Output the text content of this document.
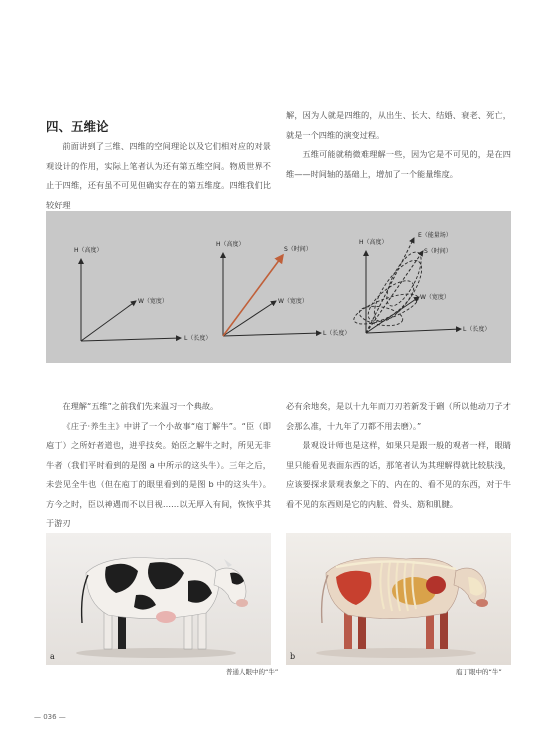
四、五维论

前面讲到了三维、四维的空间理论以及它们相对应的对景观设计的作用，实际上笔者认为还有第五维空间。物质世界不止于四维，还有虽不可见但确实存在的第五维度。四维我们比较好理

解，因为人就是四维的，从出生、长大、结婚、衰老、死亡，就是一个四维的演变过程。

五维可能就稍微难理解一些，因为它是不可见的，是在四维——时间轴的基础上，增加了一个能量维度。

H（高度）
W（宽度）
L（长度）
H（高度）
S（时间）
W（宽度）
L（长度）
H（高度）
E（能量场）
S（时间）
W（宽度）
L（长度）

在理解“五维”之前我们先来温习一个典故。

《庄子·养生主》中讲了一个小故事“庖丁解牛”。“臣（即庖丁）之所好者道也，进乎技矣。始臣之解牛之时，所见无非牛者（我们平时看到的是图 a 中所示的这头牛）。三年之后，未尝见全牛也（但在庖丁的眼里看到的是图 b 中的这头牛）。方今之时，臣以神遇而不以目视……以无厚入有间，恢恢乎其于游刃

必有余地矣，是以十九年而刀刃若新发于硎（所以他动刀子才会那么准，十九年了刀都不用去磨）。”

景观设计师也是这样，如果只是跟一般的观者一样，眼睛里只能看见表面东西的话，那笔者认为其理解得就比较肤浅，应该要探求景观表象之下的、内在的、看不见的东西，对于牛看不见的东西则是它的内脏、骨头、筋和肌腱。

a
普通人眼中的“牛”
b
庖丁眼中的“牛”
— 036 —
